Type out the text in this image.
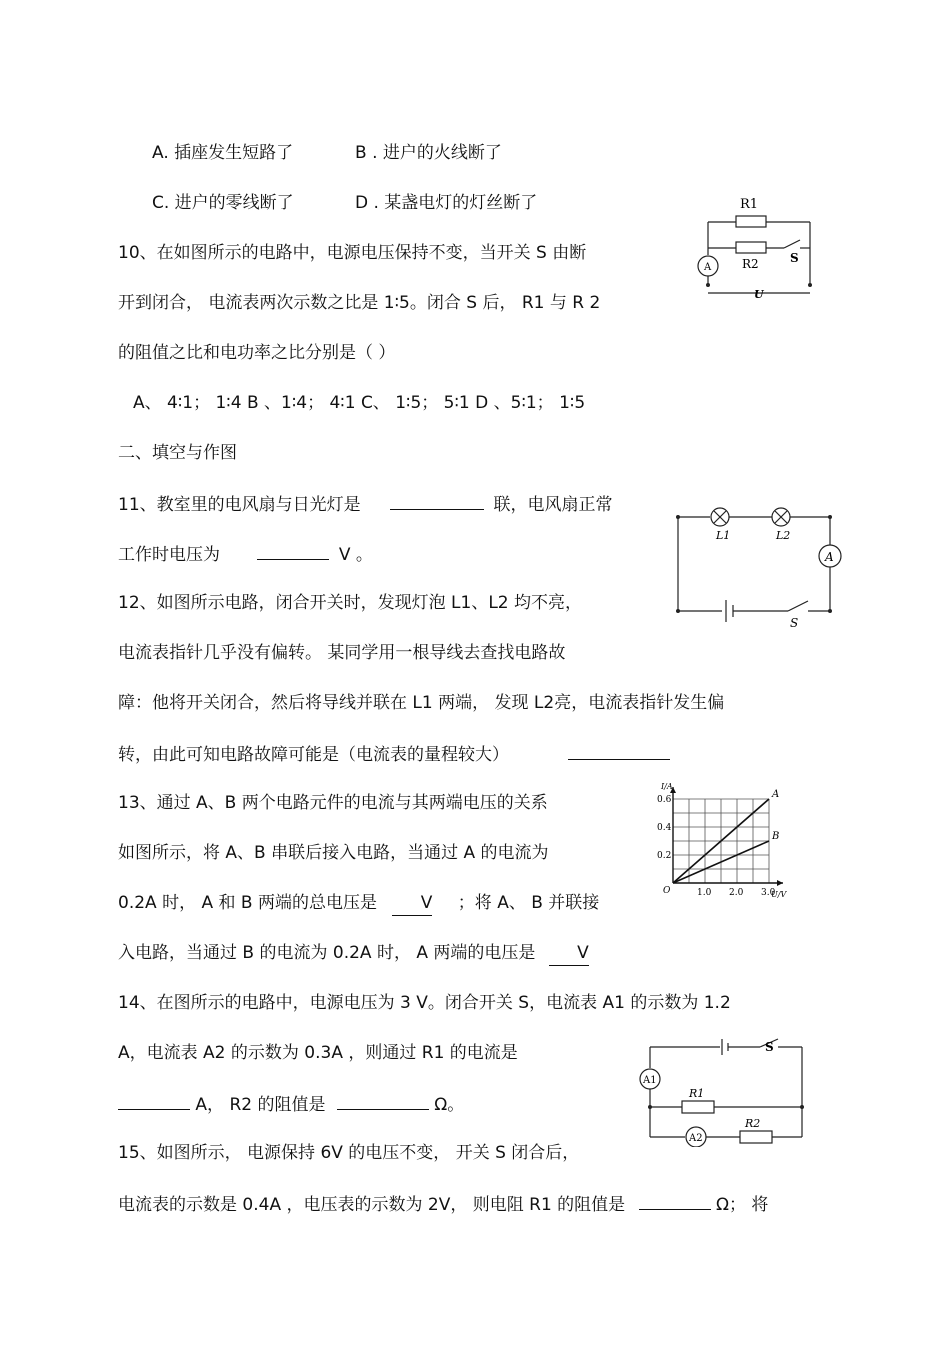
A. 插座发生短路了	B . 进户的火线断了
C. 进户的零线断了	D . 某盏电灯的灯丝断了
10、在如图所示的电路中，电源电压保持不变，当开关 S 由断
开到闭合， 电流表两次示数之比是 1∶5。闭合 S 后， R1 与 R 2
的阻值之比和电功率之比分别是（ ）
A、 4∶1； 1∶4 B 、1∶4； 4∶1 C、 1∶5； 5∶1 D 、5∶1； 1∶5
R1
R2	S
A
U
二、填空与作图
11、教室里的电风扇与日光灯是	联，电风扇正常
工作时电压为	V 。
L1	L2
A
S
12、如图所示电路，闭合开关时，发现灯泡 L1、L2 均不亮，
电流表指针几乎没有偏转。 某同学用一根导线去查找电路故
障：他将开关闭合，然后将导线并联在 L1 两端， 发现 L2亮，电流表指针发生偏
转，由此可知电路故障可能是（电流表的量程较大）
13、通过 A、B 两个电路元件的电流与其两端电压的关系
如图所示，将 A、B 串联后接入电路，当通过 A 的电流为
0.2A 时， A 和 B 两端的总电压是	V ；将 A、 B 并联接
入电路，当通过 B 的电流为 0.2A 时， A 两端的电压是 V
A
B
1.0 2.0 3.0
0.2
0.4
0.6
U/V
I/A
O
14、在图所示的电路中，电源电压为 3 V。闭合开关 S，电流表 A1 的示数为 1.2
A，电流表 A2 的示数为 0.3A ，则通过 R1 的电流是
A， R2 的阻值是	Ω。
S
A1
A2
R1
R2
15、如图所示， 电源保持 6V 的电压不变， 开关 S 闭合后，
电流表的示数是 0.4A ，电压表的示数为 2V， 则电阻 R1 的阻值是	Ω； 将
